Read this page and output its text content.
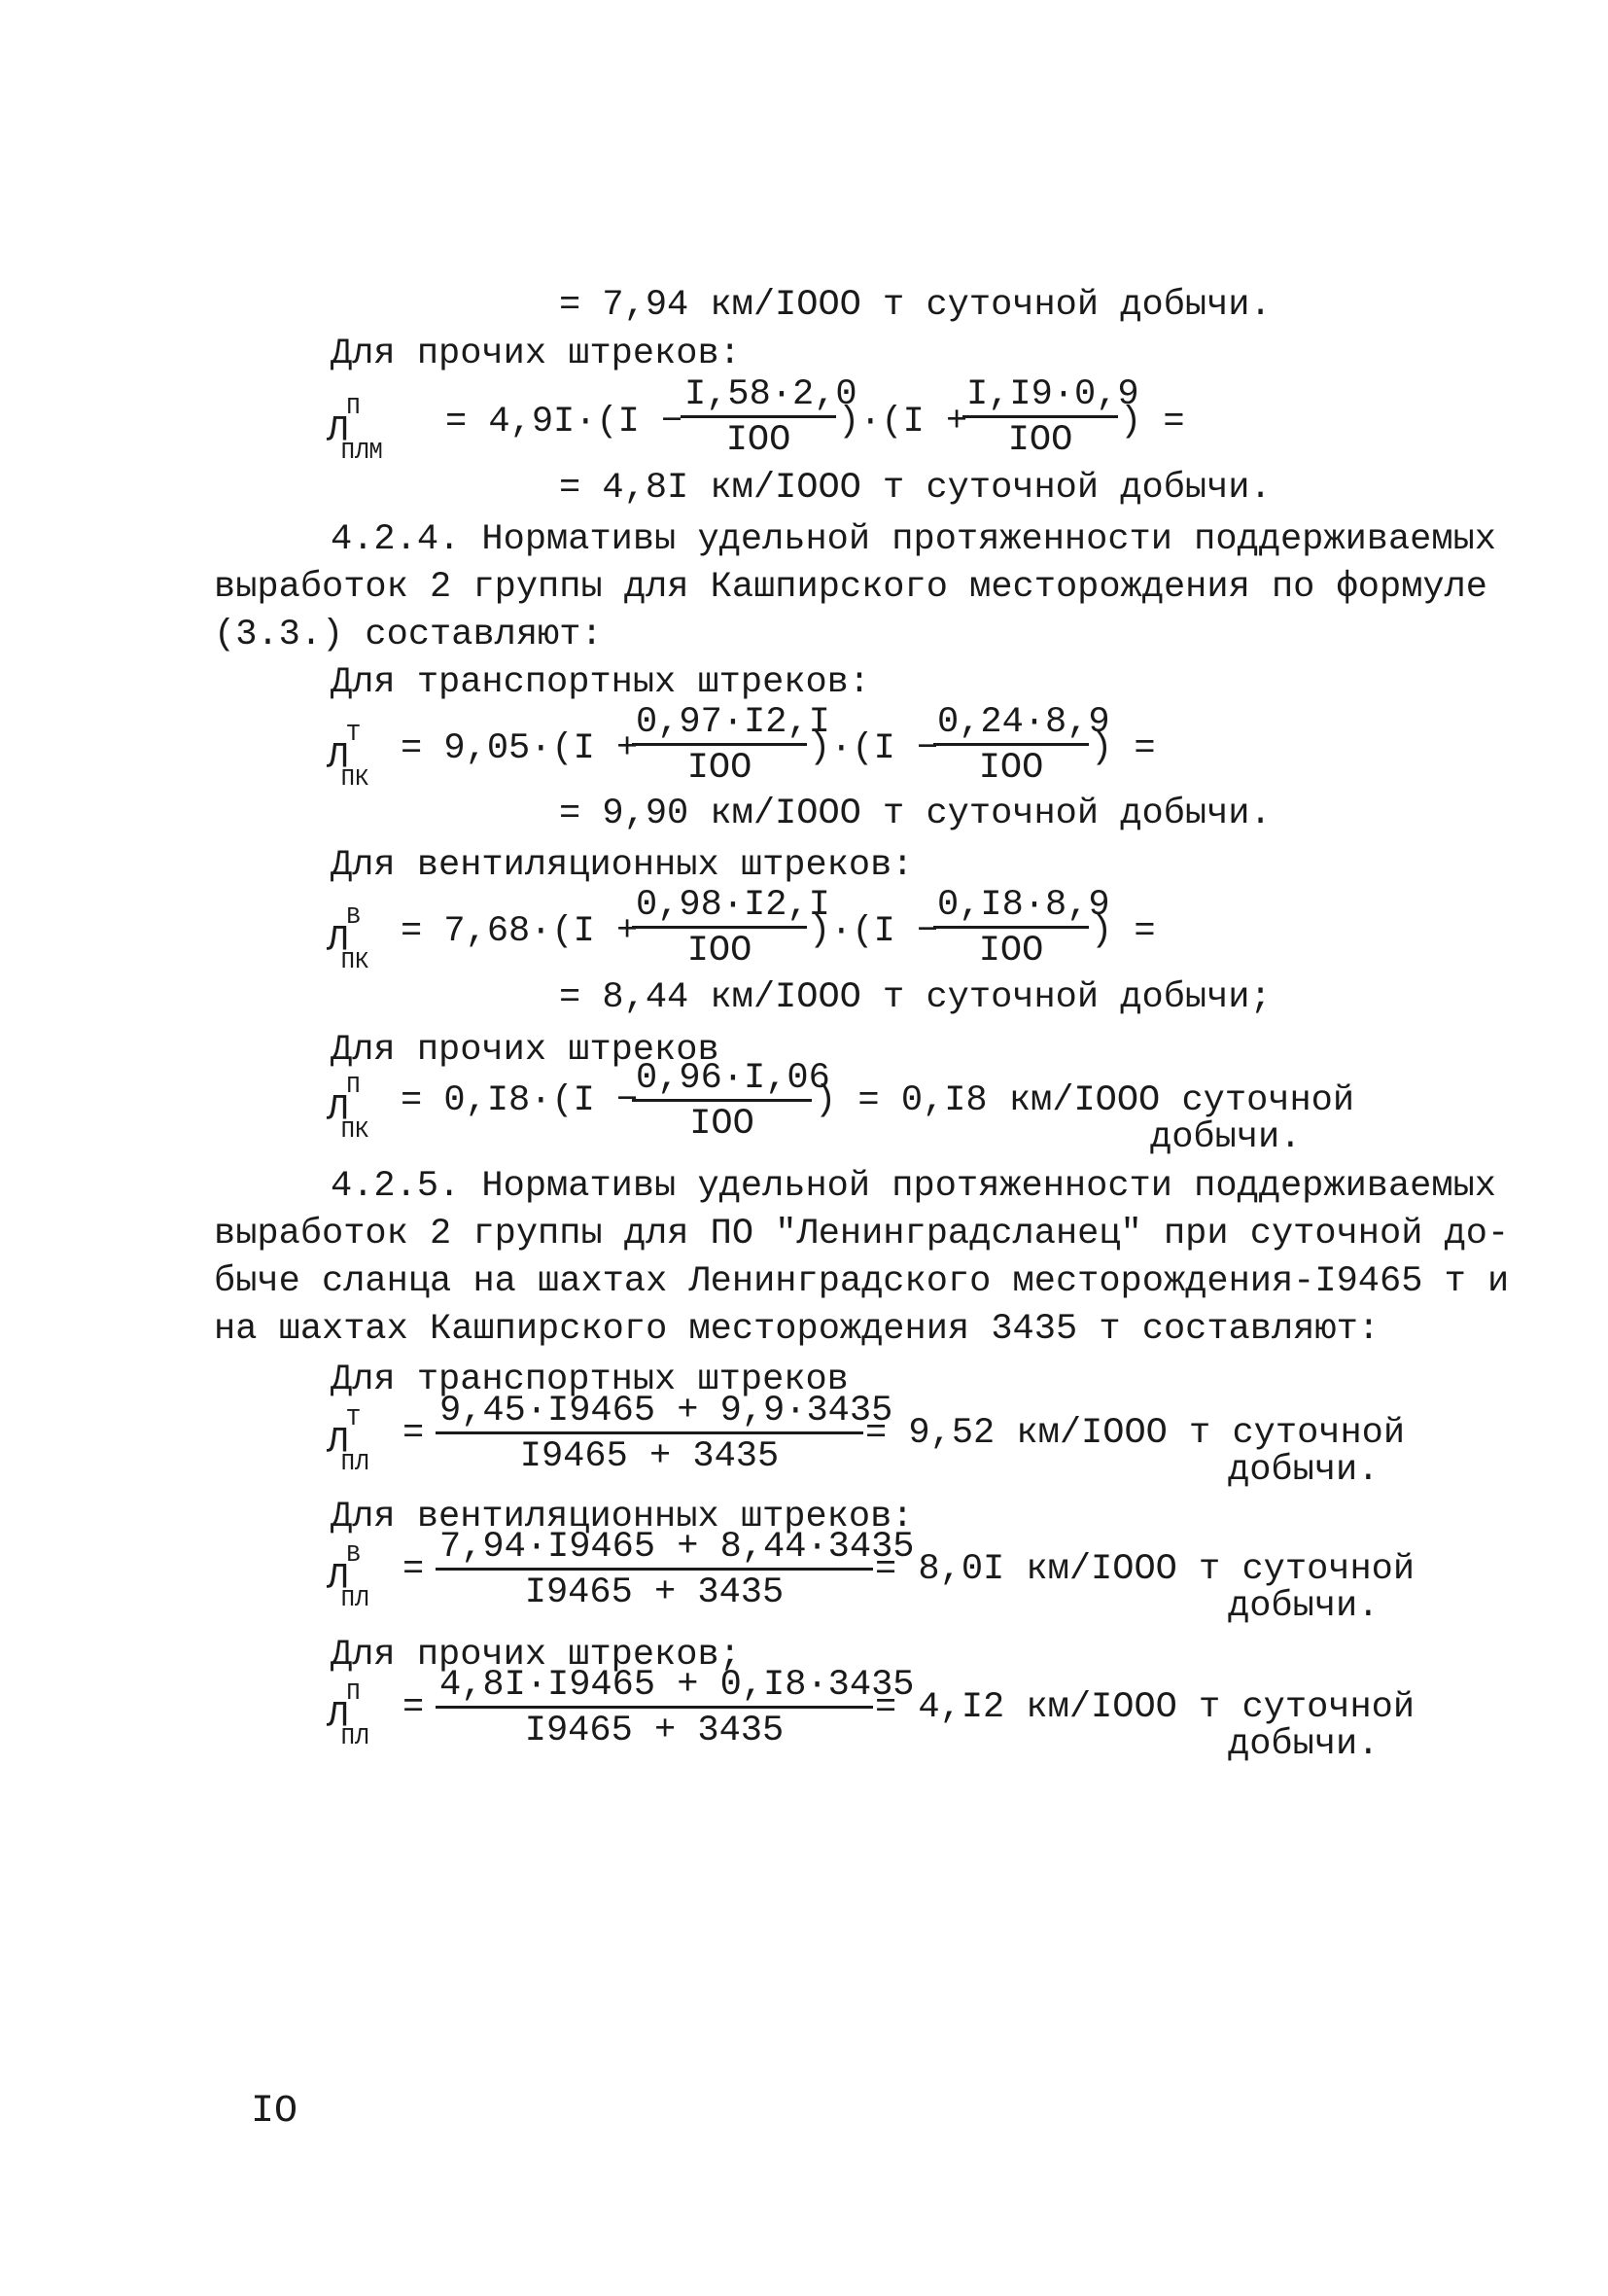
= 7,94 км/IOOO т суточной добычи.
Для прочих штреков:
$Л^П_{ПЛМ}$
= 4,9I·(I −
I,58·2,0
IOO	)·(I +
I,I9·0,9
IOO	) =
= 4,8I км/IOOO т суточной добычи.
4.2.4. Нормативы удельной протяженности поддерживаемых
выработок 2 группы для Кашпирского месторождения по формуле
(3.3.) составляют:
Для транспортных штреков:
$Л^Т_{ПК}$
= 9,05·(I +
0,97·I2,I
IOO	)·(I −
0,24·8,9
IOO	) =
= 9,90 км/IOOO т суточной добычи.
Для вентиляционных штреков:
$Л^В_{ПК}$
= 7,68·(I +
0,98·I2,I
IOO	)·(I −
0,I8·8,9
IOO	) =
= 8,44 км/IOOO т суточной добычи;
Для прочих штреков
$Л^П_{ПК}$
= 0,I8·(I −
0,96·I,06
IOO
) = 0,I8 км/IOOO суточной
добычи.
4.2.5. Нормативы удельной протяженности поддерживаемых
выработок 2 группы для ПО "Ленинградсланец" при суточной до-
быче сланца на шахтах Ленинградского месторождения-I9465 т и
на шахтах Кашпирского месторождения 3435 т составляют:
Для транспортных штреков
$Л^Т_{ПЛ}$
= $\frac{9,45\cdot I9465 + 9,9\cdot 3435}{I9465 + 3435} = 9,52$ км/IOOO т суточной
добычи.
Для вентиляционных штреков:
$Л^В_{ПЛ}$
= $\frac{7,94\cdot I9465 + 8,44\cdot 3435}{I9465 + 3435} = 8,0I$ км/IOOO т суточной
добычи.
Для прочих штреков;
$Л^П_{ПЛ}$
= $\frac{4,8I\cdot I9465 + 0,I8\cdot 3435}{I9465 + 3435} = 4,I2$ км/IOOO т суточной
добычи.
IO
